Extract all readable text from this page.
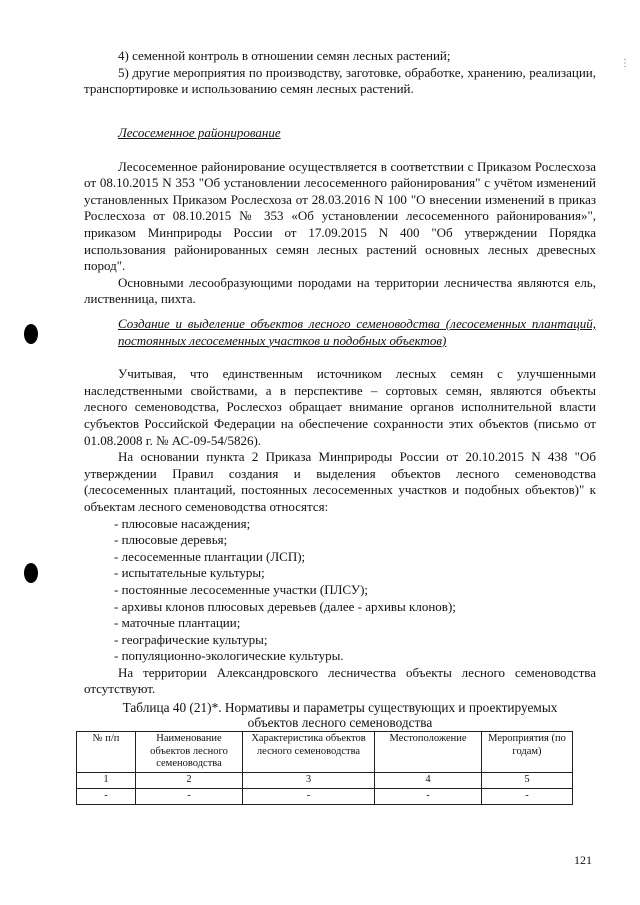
⋮

4) семенной контроль в отношении семян лесных растений;

5) другие мероприятия по производству, заготовке, обработке, хранению, реализации, транспортировке и использованию семян лесных растений.

Лесосеменное районирование

Лесосеменное районирование осуществляется в соответствии с Приказом Рослесхоза от 08.10.2015 N 353 "Об установлении лесосеменного районирования" с учётом изменений установленных Приказом Рослесхоза от 28.03.2016 N 100 "О внесении изменений в приказ Рослесхоза от 08.10.2015 № 353 «Об установлении лесосеменного районирования»", приказом Минприроды России от 17.09.2015 N 400 "Об утверждении Порядка использования районированных семян лесных растений основных лесных древесных пород".

Основными лесообразующими породами на территории лесничества являются ель, лиственница, пихта.

Создание и выделение объектов лесного семеноводства (лесосеменных плантаций, постоянных лесосеменных участков и подобных объектов)

Учитывая, что единственным источником лесных семян с улучшенными наследственными свойствами, а в перспективе – сортовых семян, являются объекты лесного семеноводства, Рослесхоз обращает внимание органов исполнительной власти субъектов Российской Федерации на обеспечение сохранности этих объектов (письмо от 01.08.2008 г. № АС-09-54/5826).

На основании пункта 2 Приказа Минприроды России от 20.10.2015 N 438 "Об утверждении Правил создания и выделения объектов лесного семеноводства (лесосеменных плантаций, постоянных лесосеменных участков и подобных объектов)" к объектам лесного семеноводства относятся:

- плюсовые насаждения;
- плюсовые деревья;
- лесосеменные плантации (ЛСП);
- испытательные культуры;
- постоянные лесосеменные участки (ПЛСУ);
- архивы клонов плюсовых деревьев (далее - архивы клонов);
- маточные плантации;
- географические культуры;
- популяционно-экологические культуры.

На территории Александровского лесничества объекты лесного семеноводства отсутствуют.

Таблица 40 (21)*. Нормативы и параметры существующих и проектируемых объектов лесного семеноводства
№ п/п	Наименование объектов лесного семеноводства	Характеристика объектов лесного семеноводства	Местоположение	Мероприятия (по годам)
1	2	3	4	5
-	-	-	-	-
121
